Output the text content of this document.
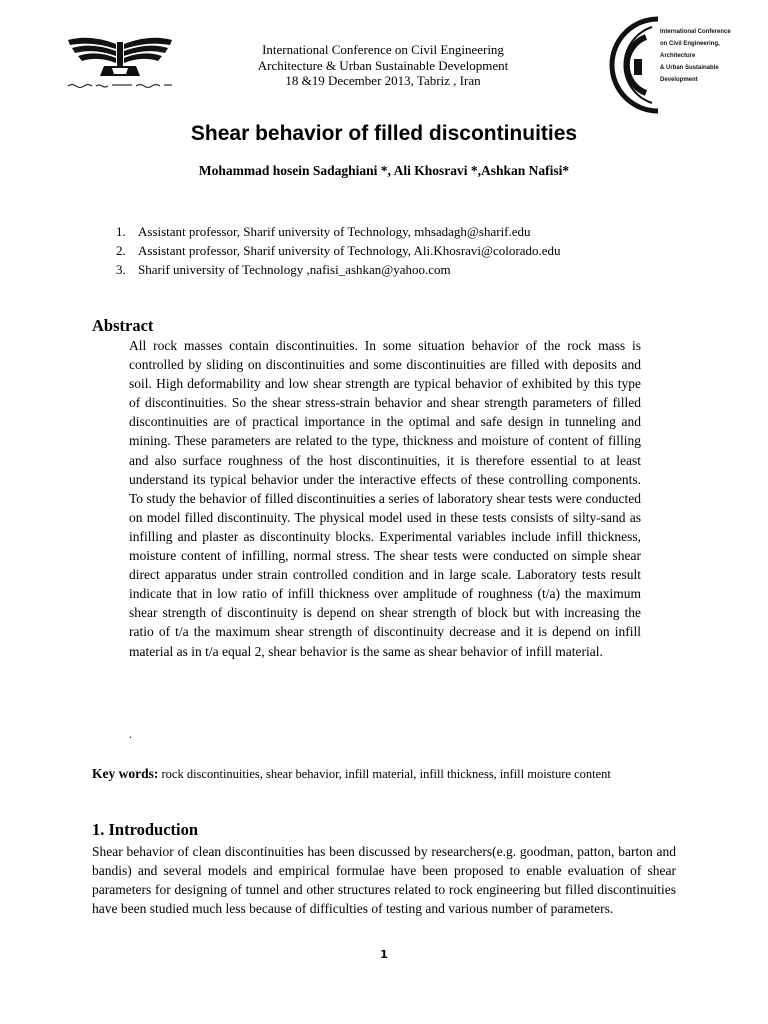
International Conference
on Civil Engineering,
Architecture
& Urban Sustainable
Development
International Conference on Civil Engineering
Architecture & Urban Sustainable Development
18 &19 December 2013, Tabriz , Iran
Shear behavior of filled discontinuities
Mohammad hosein Sadaghiani *, Ali Khosravi *,Ashkan Nafisi*
1. Assistant professor, Sharif university of Technology, mhsadagh@sharif.edu
2. Assistant professor, Sharif university of Technology, Ali.Khosravi@colorado.edu
3. Sharif university of Technology ,nafisi_ashkan@yahoo.com
Abstract

All rock masses contain discontinuities. In some situation behavior of the rock mass is controlled by sliding on discontinuities and some discontinuities are filled with deposits and soil. High deformability and low shear strength are typical behavior of exhibited by this type of discontinuities. So the shear stress-strain behavior and shear strength parameters of filled discontinuities are of practical importance in the optimal and safe design in tunneling and mining. These parameters are related to the type, thickness and moisture of content of filling and also surface roughness of the host discontinuities, it is therefore essential to at least understand its typical behavior under the interactive effects of these controlling components. To study the behavior of filled discontinuities a series of laboratory shear tests were conducted on model filled discontinuity. The physical model used in these tests consists of silty-sand as infilling and plaster as discontinuity blocks. Experimental variables include infill thickness, moisture content of infilling, normal stress. The shear tests were conducted on simple shear direct apparatus under strain controlled condition and in large scale. Laboratory tests result indicate that in low ratio of infill thickness over amplitude of roughness (t/a) the maximum shear strength of discontinuity is depend on shear strength of block but with increasing the ratio of t/a the maximum shear strength of discontinuity decrease and it is depend on infill material as in t/a equal 2, shear behavior is the same as shear behavior of infill material.

.
Key words: rock discontinuities, shear behavior, infill material, infill thickness, infill moisture content
1. Introduction

Shear behavior of clean discontinuities has been discussed by researchers(e.g. goodman, patton, barton and bandis) and several models and empirical formulae have been proposed to enable evaluation of shear parameters for designing of tunnel and other structures related to rock engineering but filled discontinuities have been studied much less because of difficulties of testing and various number of parameters.

1
